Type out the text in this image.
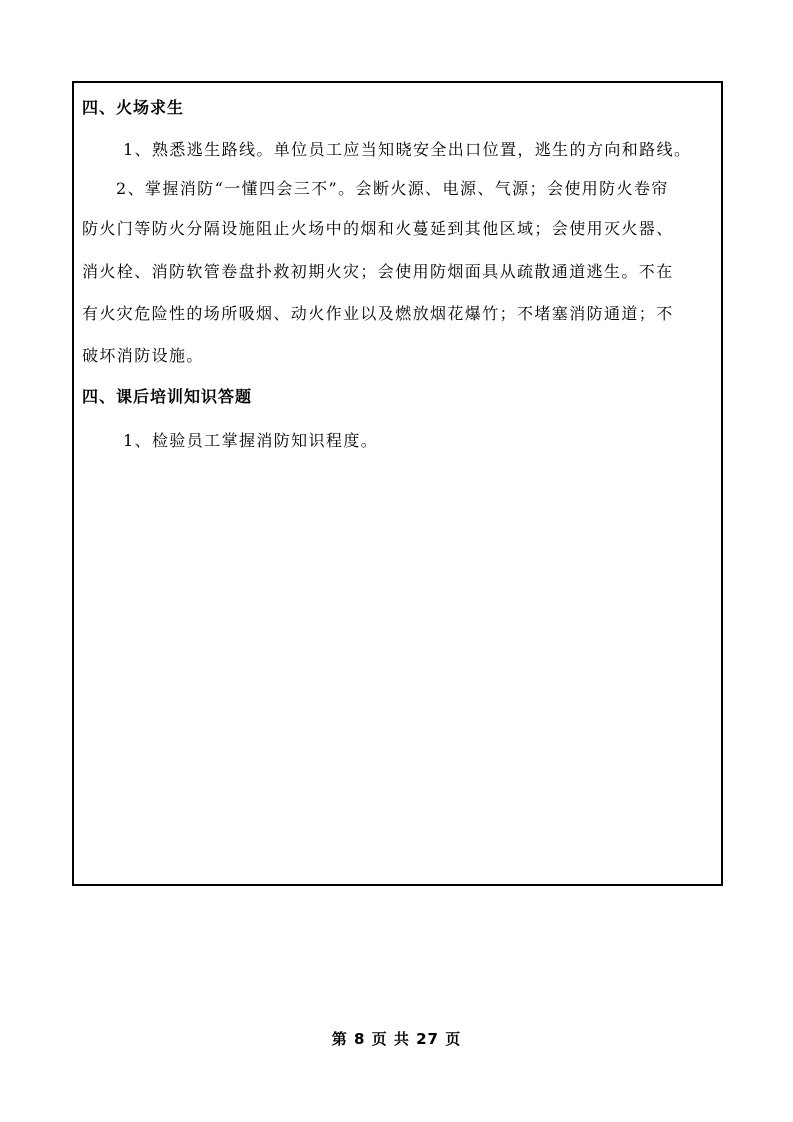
四、火场求生

1、熟悉逃生路线。单位员工应当知晓安全出口位置，逃生的方向和路线。

2、掌握消防“一懂四会三不”。会断火源、电源、气源；会使用防火卷帘

防火门等防火分隔设施阻止火场中的烟和火蔓延到其他区域；会使用灭火器、

消火栓、消防软管卷盘扑救初期火灾；会使用防烟面具从疏散通道逃生。不在

有火灾危险性的场所吸烟、动火作业以及燃放烟花爆竹；不堵塞消防通道；不

破坏消防设施。

四、课后培训知识答题

1、检验员工掌握消防知识程度。

第 8 页 共 27 页
